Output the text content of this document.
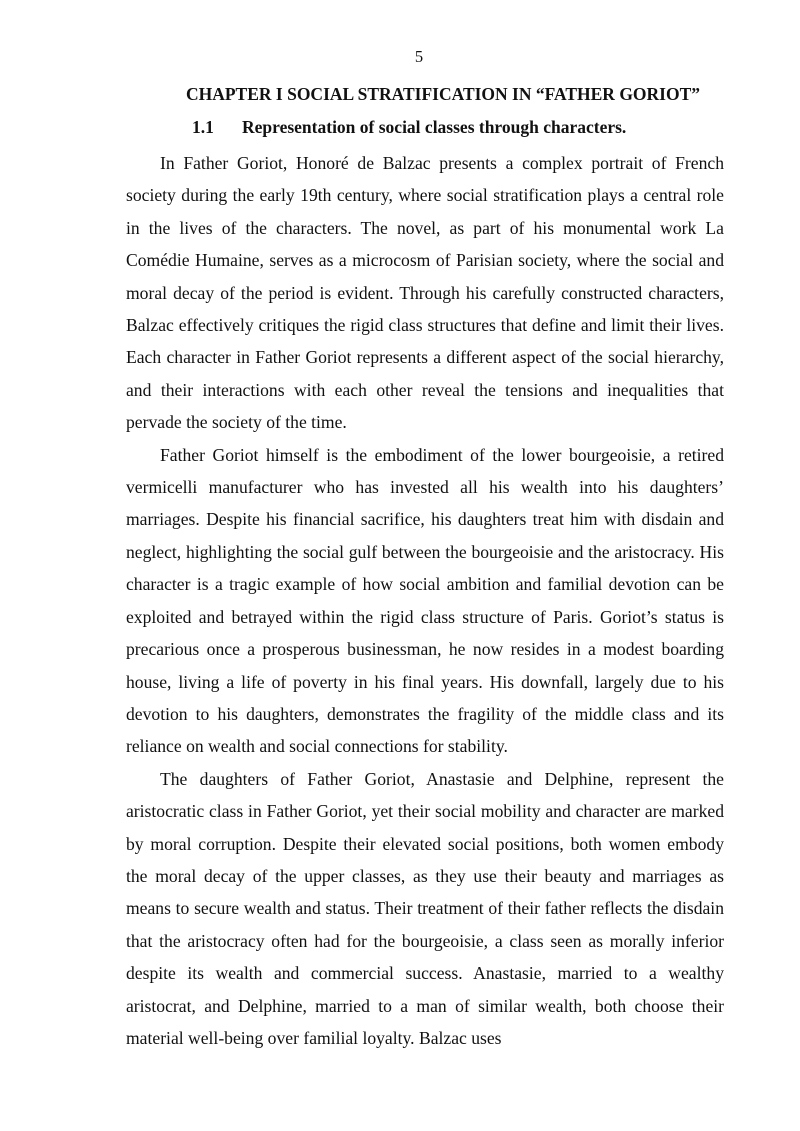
5
CHAPTER I SOCIAL STRATIFICATION IN “FATHER GORIOT”
1.1 Representation of social classes through characters.

In Father Goriot, Honoré de Balzac presents a complex portrait of French society during the early 19th century, where social stratification plays a central role in the lives of the characters. The novel, as part of his monumental work La Comédie Humaine, serves as a microcosm of Parisian society, where the social and moral decay of the period is evident. Through his carefully constructed characters, Balzac effectively critiques the rigid class structures that define and limit their lives. Each character in Father Goriot represents a different aspect of the social hierarchy, and their interactions with each other reveal the tensions and inequalities that pervade the society of the time.

Father Goriot himself is the embodiment of the lower bourgeoisie, a retired vermicelli manufacturer who has invested all his wealth into his daughters’ marriages. Despite his financial sacrifice, his daughters treat him with disdain and neglect, highlighting the social gulf between the bourgeoisie and the aristocracy. His character is a tragic example of how social ambition and familial devotion can be exploited and betrayed within the rigid class structure of Paris. Goriot’s status is precarious once a prosperous businessman, he now resides in a modest boarding house, living a life of poverty in his final years. His downfall, largely due to his devotion to his daughters, demonstrates the fragility of the middle class and its reliance on wealth and social connections for stability.

The daughters of Father Goriot, Anastasie and Delphine, represent the aristocratic class in Father Goriot, yet their social mobility and character are marked by moral corruption. Despite their elevated social positions, both women embody the moral decay of the upper classes, as they use their beauty and marriages as means to secure wealth and status. Their treatment of their father reflects the disdain that the aristocracy often had for the bourgeoisie, a class seen as morally inferior despite its wealth and commercial success. Anastasie, married to a wealthy aristocrat, and Delphine, married to a man of similar wealth, both choose their material well-being over familial loyalty. Balzac uses
